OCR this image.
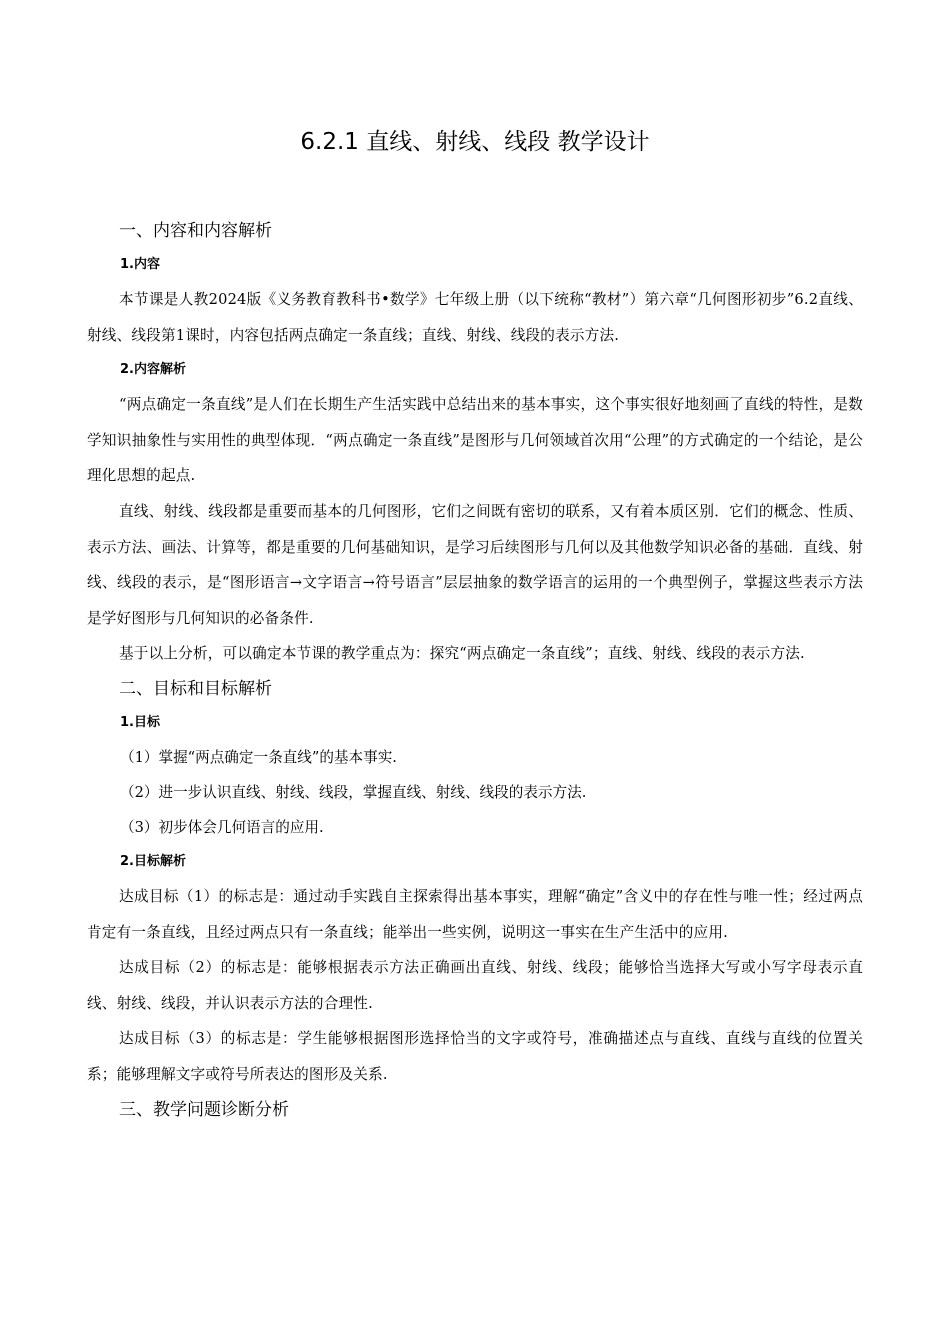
6.2.1 直线、射线、线段 教学设计
一、内容和内容解析
1.内容

本节课是人教2024版《义务教育教科书•数学》七年级上册（以下统称“教材”）第六章“几何图形初步”6.2直线、射线、线段第1课时，内容包括两点确定一条直线；直线、射线、线段的表示方法.

2.内容解析

“两点确定一条直线”是人们在长期生产生活实践中总结出来的基本事实，这个事实很好地刻画了直线的特性，是数学知识抽象性与实用性的典型体现．“两点确定一条直线”是图形与几何领域首次用“公理”的方式确定的一个结论，是公理化思想的起点.

直线、射线、线段都是重要而基本的几何图形，它们之间既有密切的联系，又有着本质区别．它们的概念、性质、表示方法、画法、计算等，都是重要的几何基础知识，是学习后续图形与几何以及其他数学知识必备的基础．直线、射线、线段的表示，是“图形语言→文字语言→符号语言”层层抽象的数学语言的运用的一个典型例子，掌握这些表示方法是学好图形与几何知识的必备条件.

基于以上分析，可以确定本节课的教学重点为：探究“两点确定一条直线”；直线、射线、线段的表示方法.

二、目标和目标解析
1.目标
（1）掌握“两点确定一条直线”的基本事实.
（2）进一步认识直线、射线、线段，掌握直线、射线、线段的表示方法.
（3）初步体会几何语言的应用.
2.目标解析

达成目标（1）的标志是：通过动手实践自主探索得出基本事实，理解“确定”含义中的存在性与唯一性；经过两点肯定有一条直线，且经过两点只有一条直线；能举出一些实例，说明这一事实在生产生活中的应用.

达成目标（2）的标志是：能够根据表示方法正确画出直线、射线、线段；能够恰当选择大写或小写字母表示直线、射线、线段，并认识表示方法的合理性.

达成目标（3）的标志是：学生能够根据图形选择恰当的文字或符号，准确描述点与直线、直线与直线的位置关系；能够理解文字或符号所表达的图形及关系.

三、教学问题诊断分析
